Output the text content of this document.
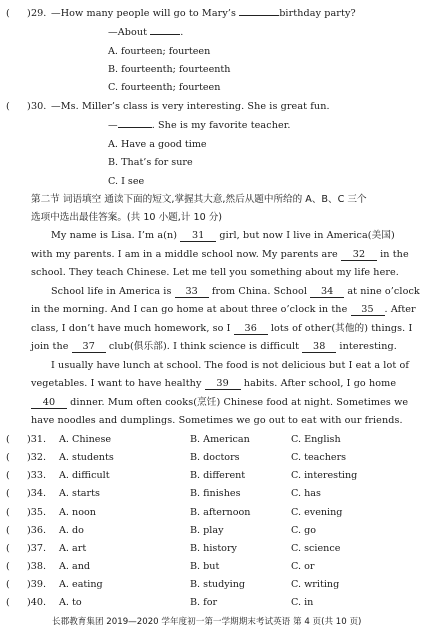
( ) 29. —How many people will go to Mary’s	birthday party?
—About	.
A. fourteen; fourteen
B. fourteenth; fourteenth
C. fourteenth; fourteen
( ) 30. —Ms. Miller’s class is very interesting. She is great fun.
—	. She is my favorite teacher.
A. Have a good time
B. That’s for sure
C. I see
第二节 词语填空 通读下面的短文,掌握其大意,然后从题中所给的 A、B、C 三个
选项中选出最佳答案。(共 10 小题,计 10 分)
My name is Lisa. I’m a(n) 31 girl, but now I live in America(美国)
with my parents. I am in a middle school now. My parents are 32 in the
school. They teach Chinese. Let me tell you something about my life here.
School life in America is 33 from China. School 34 at nine o’clock
in the morning. And I can go home at about three o’clock in the 35 . After
class, I don’t have much homework, so I 36 lots of other(其他的) things. I
join the 37 club(俱乐部). I think science is difficult 38 interesting.
I usually have lunch at school. The food is not delicious but I eat a lot of
vegetables. I want to have healthy 39 habits. After school, I go home
40 dinner. Mum often cooks(烹饪) Chinese food at night. Sometimes we
have noodles and dumplings. Sometimes we go out to eat with our friends.
( )31. A. Chinese	B. American	C. English
( )32. A. students	B. doctors	C. teachers
( )33. A. difficult	B. different	C. interesting
( )34. A. starts	B. finishes	C. has
( )35. A. noon	B. afternoon	C. evening
( )36. A. do	B. play	C. go
( )37. A. art	B. history	C. science
( )38. A. and	B. but	C. or
( )39. A. eating	B. studying	C. writing
( )40. A. to	B. for	C. in
长郡教育集团 2019—2020 学年度初一第一学期期末考试英语 第 4 页(共 10 页)
